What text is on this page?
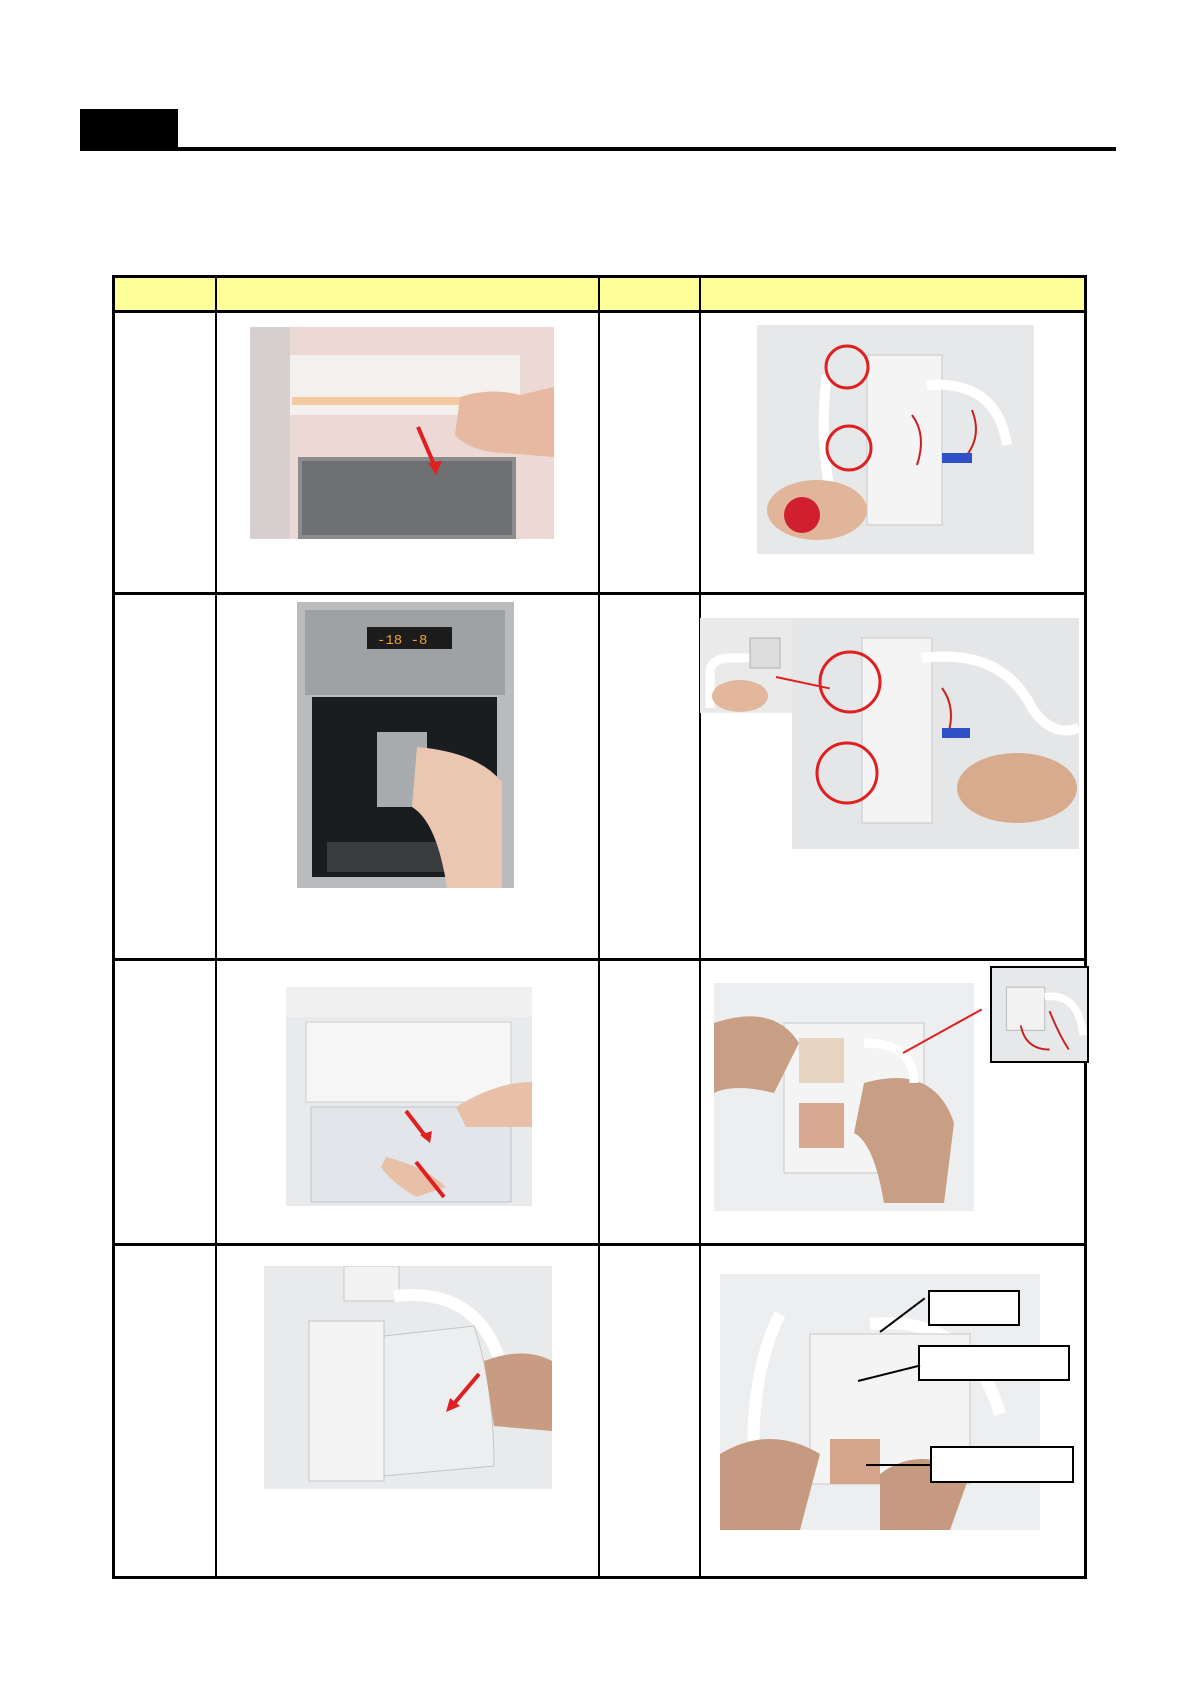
-18 -8
